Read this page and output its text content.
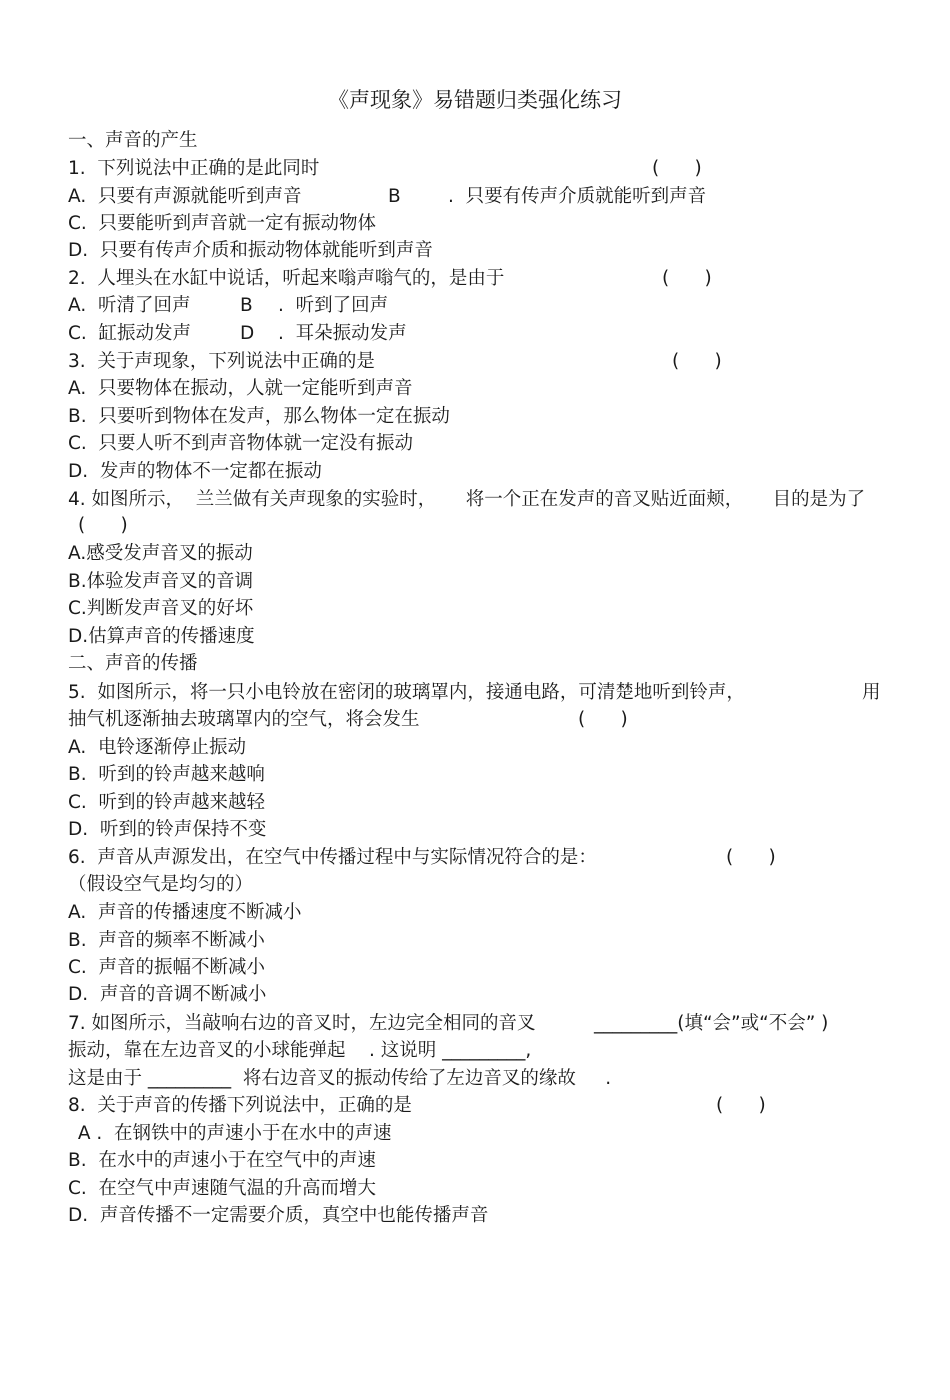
《声现象》易错题归类强化练习
一、声音的产生
1.  下列说法中正确的是此同时	(      )
A.  只要有声源就能听到声音	B	.  只要有传声介质就能听到声音
C.  只要能听到声音就一定有振动物体
D.  只要有传声介质和振动物体就能听到声音
2.  人埋头在水缸中说话，听起来嗡声嗡气的，是由于	(      )
A.  听清了回声	B .  听到了回声
C.  缸振动发声	D .  耳朵振动发声
3.  关于声现象，下列说法中正确的是	(      )
A.  只要物体在振动，人就一定能听到声音
B.  只要听到物体在发声，那么物体一定在振动
C.  只要人听不到声音物体就一定没有振动
D.  发声的物体不一定都在振动
4. 如图所示，  兰兰做有关声现象的实验时，     将一个正在发声的音叉贴近面颊，     目的是为了
(      )
A.感受发声音叉的振动
B.体验发声音叉的音调
C.判断发声音叉的好坏
D.估算声音的传播速度
二、声音的传播
5.  如图所示，将一只小电铃放在密闭的玻璃罩内，接通电路，可清楚地听到铃声，	用
抽气机逐渐抽去玻璃罩内的空气，将会发生	(      )
A.  电铃逐渐停止振动
B.  听到的铃声越来越响
C.  听到的铃声越来越轻
D.  听到的铃声保持不变
6.  声音从声源发出，在空气中传播过程中与实际情况符合的是：	(      )
（假设空气是均匀的）
A.  声音的传播速度不断减小
B.  声音的频率不断减小
C.  声音的振幅不断减小
D.  声音的音调不断减小
7. 如图所示，当敲响右边的音叉时，左边完全相同的音叉	_________(填“会”或“不会” )
振动，靠在左边音叉的小球能弹起    . 这说明 _________,
这是由于 _________  将右边音叉的振动传给了左边音叉的缘故     .
8.  关于声音的传播下列说法中，正确的是	(      )
A .  在钢铁中的声速小于在水中的声速
B.  在水中的声速小于在空气中的声速
C.  在空气中声速随气温的升高而增大
D.  声音传播不一定需要介质，真空中也能传播声音
